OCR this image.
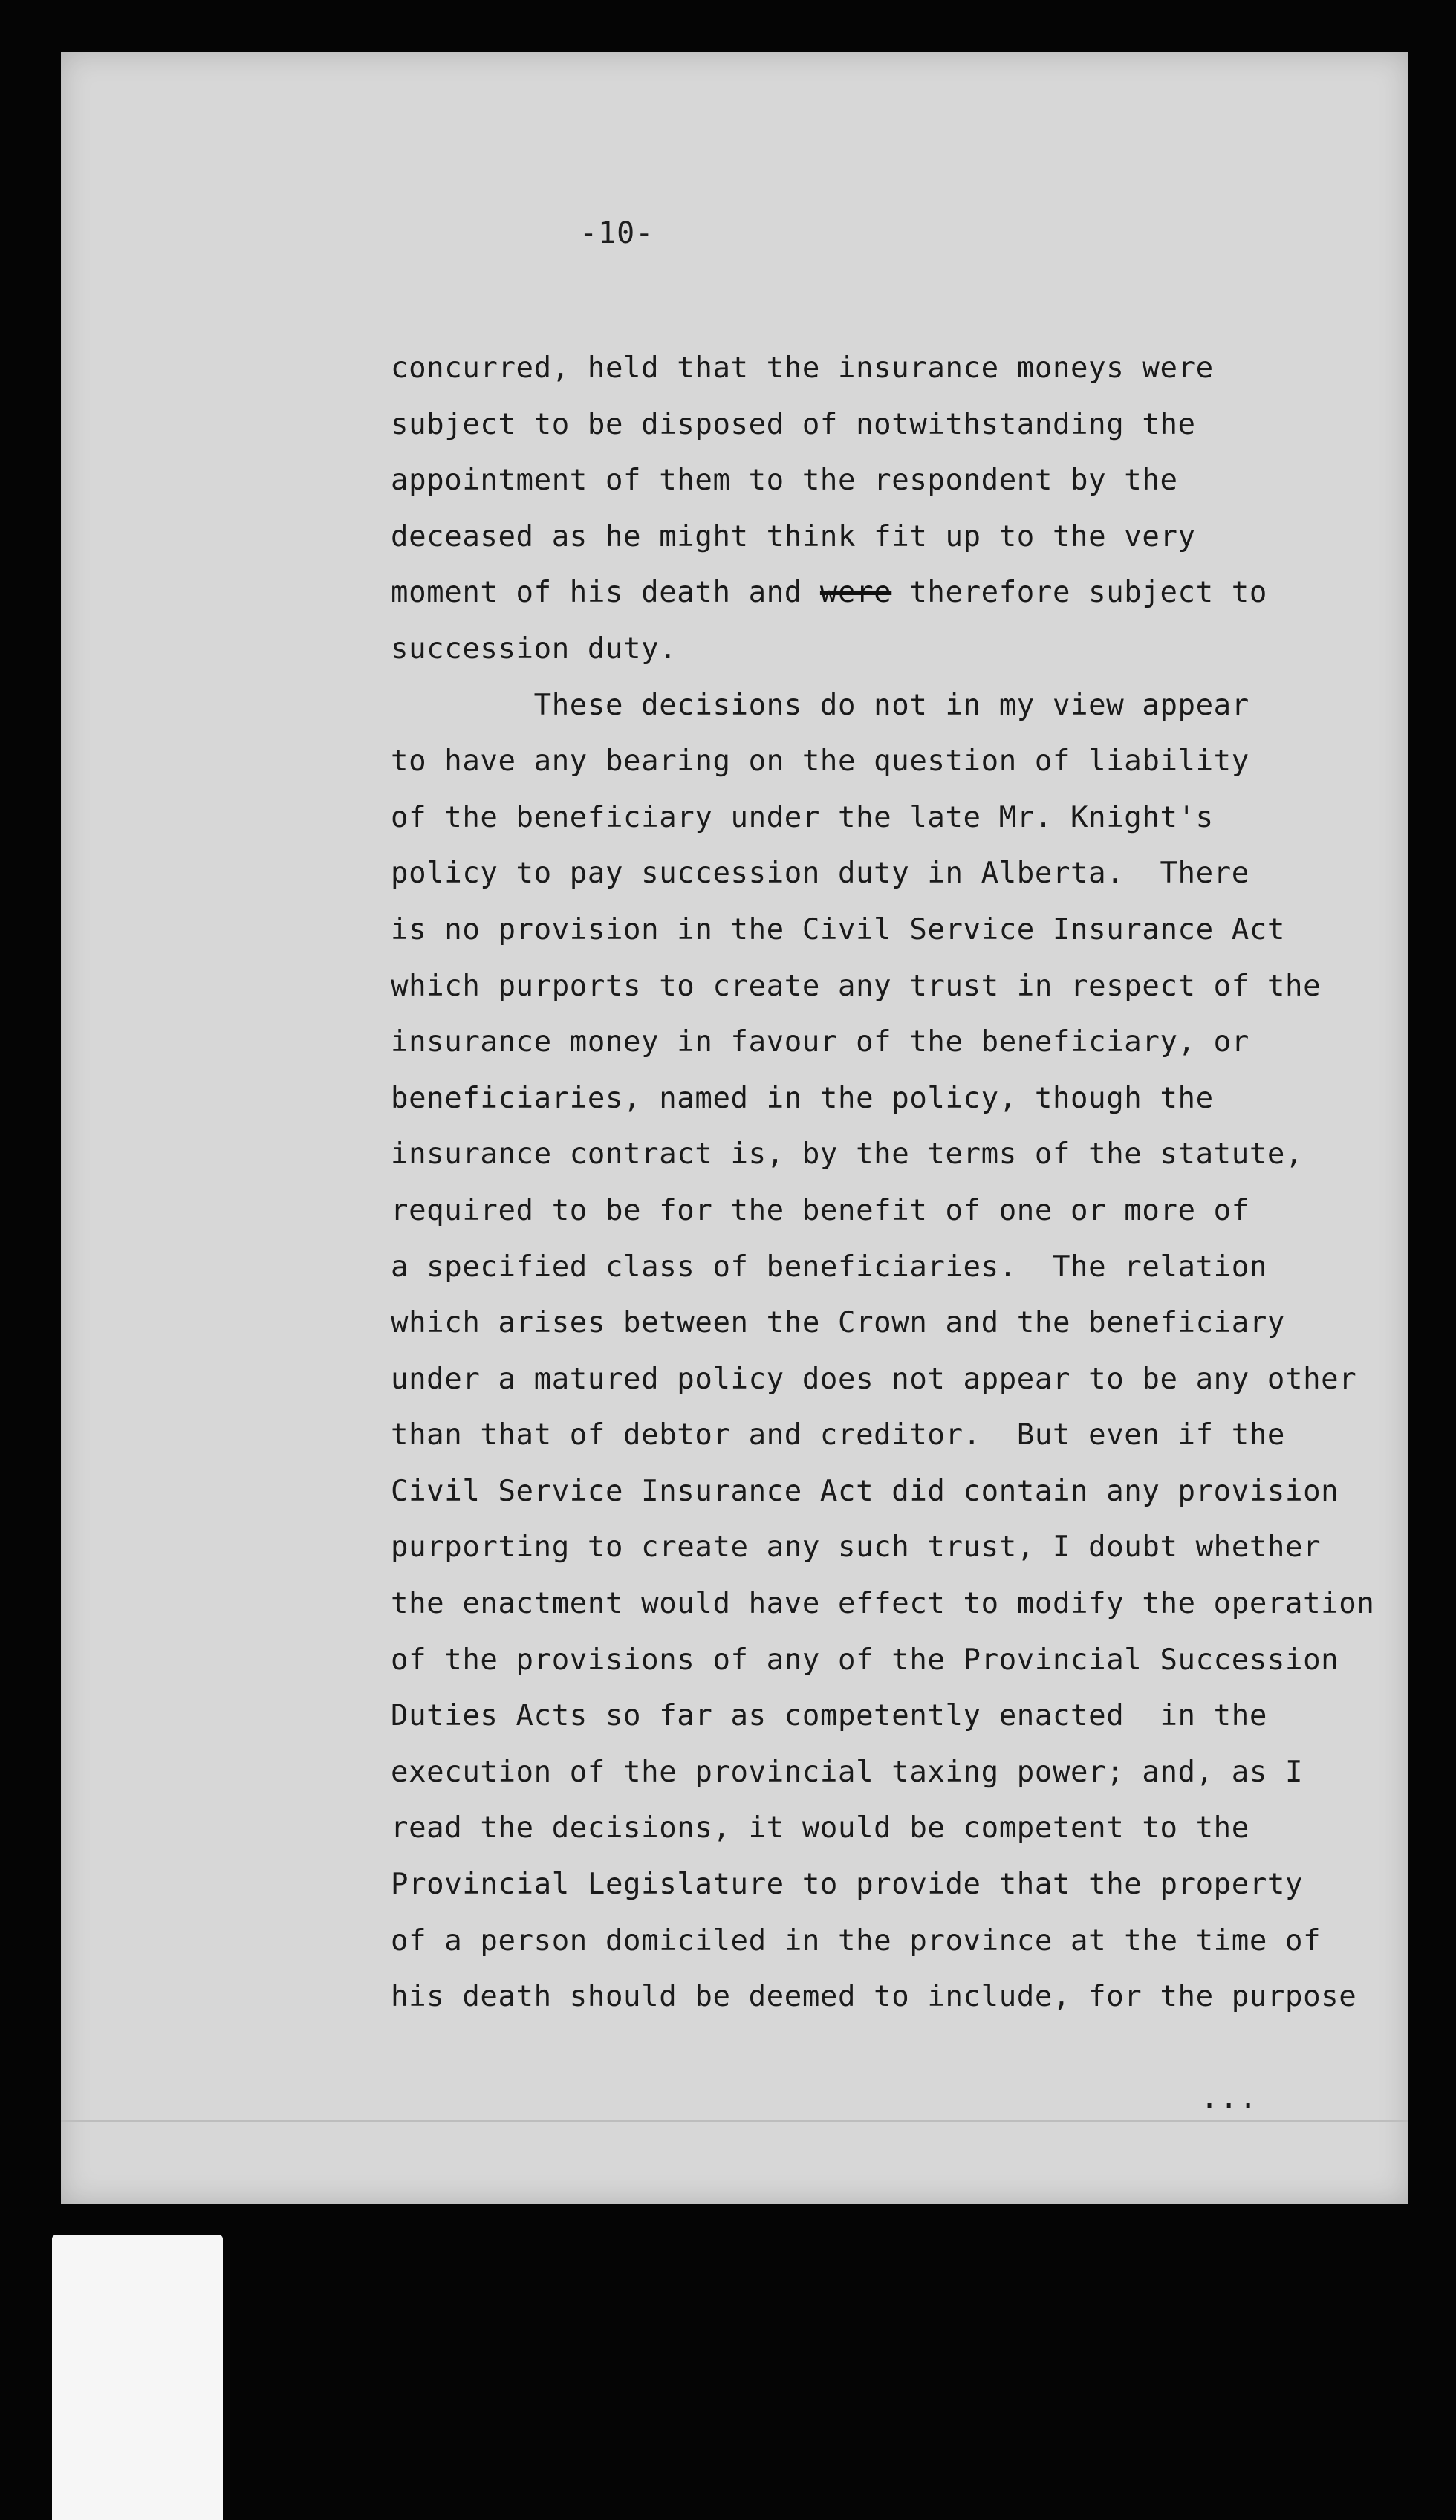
-10-
concurred, held that the insurance moneys were
subject to be disposed of notwithstanding the
appointment of them to the respondent by the
deceased as he might think fit up to the very
moment of his death and were therefore subject to
succession duty.
These decisions do not in my view appear
to have any bearing on the question of liability
of the beneficiary under the late Mr. Knight's
policy to pay succession duty in Alberta.  There
is no provision in the Civil Service Insurance Act
which purports to create any trust in respect of the
insurance money in favour of the beneficiary, or
beneficiaries, named in the policy, though the
insurance contract is, by the terms of the statute,
required to be for the benefit of one or more of
a specified class of beneficiaries.  The relation
which arises between the Crown and the beneficiary
under a matured policy does not appear to be any other
than that of debtor and creditor.  But even if the
Civil Service Insurance Act did contain any provision
purporting to create any such trust, I doubt whether
the enactment would have effect to modify the operation
of the provisions of any of the Provincial Succession
Duties Acts so far as competently enacted  in the
execution of the provincial taxing power; and, as I
read the decisions, it would be competent to the
Provincial Legislature to provide that the property
of a person domiciled in the province at the time of
his death should be deemed to include, for the purpose
...
